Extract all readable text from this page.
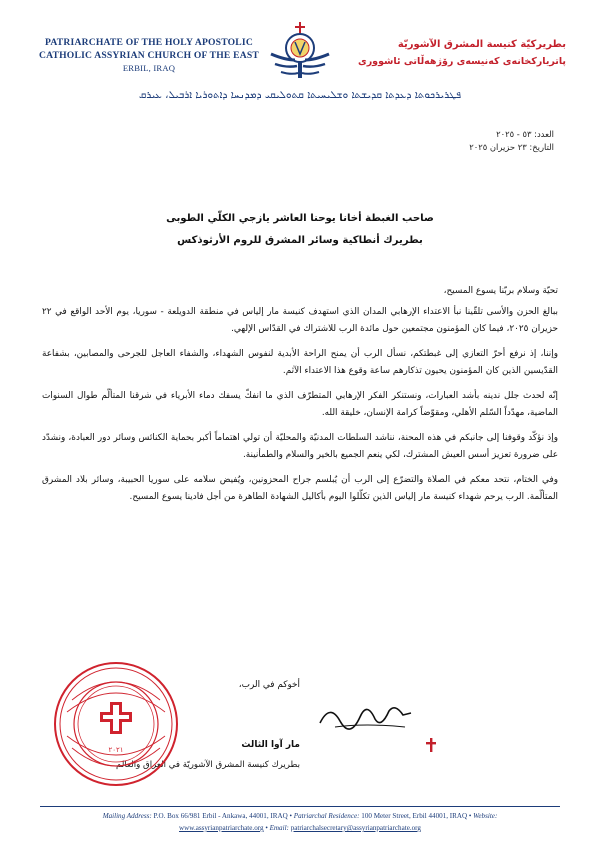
PATRIARCHATE OF THE HOLY APOSTOLIC
CATHOLIC ASSYRIAN CHURCH OF THE EAST
ERBIL, IRAQ
بطريركيّة كنيسة المشرق الآشوريّة
پاترياركخانەى كەنيسەى رۆژهەڵاتى ئاشوورى
ܦܛܪܝܪܟܘܬܐ ܕܥܕܬܐ ܩܕܝܫܬܐ ܘܫܠܝܚܝܬܐ ܩܬܘܠܝܩܝ ܕܡܕܢܚܐ ܕܐܬܘܪܝܐ ܐܪܒܝܠ، ܥܝܪܩ
العدد: ٥٣ - ٢٠٢٥
التاريخ: ٢٣ حزيران ٢٠٢٥
صاحب الغبطة أخانا يوحنا العاشر يازجي الكلّي الطوبى
بطريرك أنطاكية وسائر المشرق للروم الأرثوذكس

تحيّة وسلام بربّنا يسوع المسيح،

ببالغ الحزن والأسى تلقّينا نبأ الاعتداء الإرهابي المدان الذي استهدف كنيسة مار إلياس في منطقة الدويلعة - سوريا، يوم الأحد الواقع في ٢٢ حزيران ٢٠٢٥، فيما كان المؤمنون مجتمعين حول مائدة الرب للاشتراك في القدّاس الإلهي.

وإننا، إذ نرفع أحرّ التعازي إلى غبطتكم، نسأل الرب أن يمنح الراحة الأبدية لنفوس الشهداء، والشفاء العاجل للجرحى والمصابين، بشفاعة القدّيسين الذين كان المؤمنون يحيون تذكارهم ساعة وقوع هذا الاعتداء الآثم.

إنّه لحدث جلل ندينه بأشد العبارات، ونستنكر الفكر الإرهابي المتطرّف الذي ما انفكّ يسفك دماء الأبرياء في شرقنا المتألّم طوال السنوات الماضية، مهدّداً السّلم الأهلي، ومقوّضاً كرامة الإنسان، خليقة الله.

وإذ نؤكّد وقوفنا إلى جانبكم في هذه المحنة، نناشد السلطات المدنيّة والمحليّة أن تولي اهتماماً أكبر بحماية الكنائس وسائر دور العبادة، ونشدّد على ضرورة تعزيز أسس العيش المشترك، لكي ينعم الجميع بالخير والسلام والطمأنينة.

وفي الختام، نتحد معكم في الصلاة والتضرّع إلى الرب أن يُبلسم جراح المحزونين، ويُفيض سلامه على سوريا الحبيبة، وسائر بلاد المشرق المتألّمة. الرب يرحم شهداء كنيسة مار إلياس الذين تكلّلوا اليوم بأكاليل الشهادة الطاهرة من أجل فادينا يسوع المسيح.

أخوكم في الرب،
مار آوا الثالث
بطريرك كنيسة المشرق الآشوريّة في العراق والعالم
٢٠٢١
Mailing Address: P.O. Box 66/981 Erbil - Ankawa, 44001, IRAQ • Patriarchal Residence: 100 Meter Street, Erbil 44001, IRAQ • Website:
www.assyrianpatriarchate.org • Email: patriarchalsecretary@assyrianpatriarchate.org
